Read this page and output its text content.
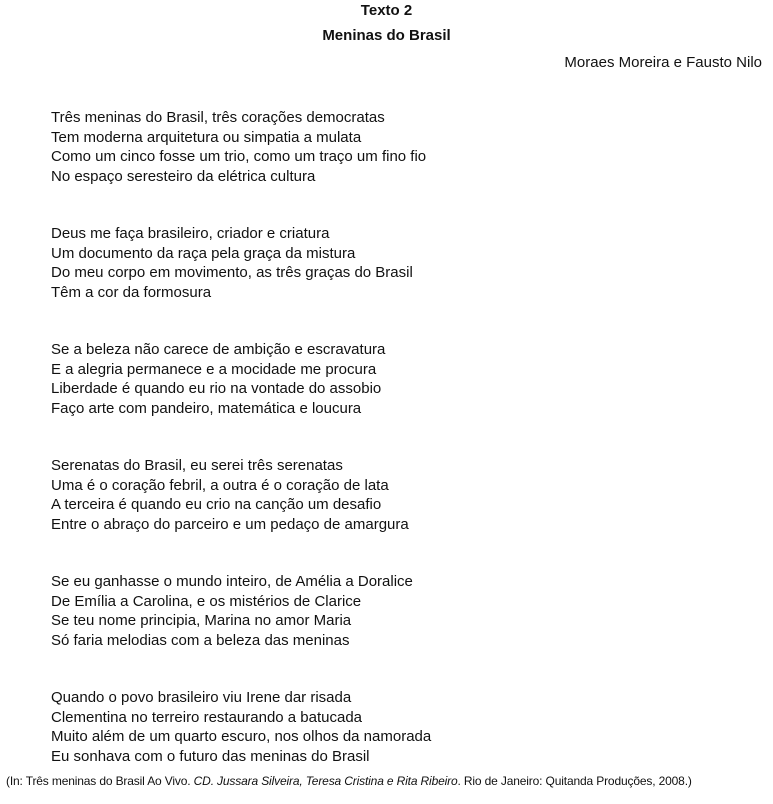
Texto 2

Meninas do Brasil

Moraes Moreira e Fausto Nilo

Três meninas do Brasil, três corações democratas
Tem moderna arquitetura ou simpatia a mulata
Como um cinco fosse um trio, como um traço um fino fio
No espaço seresteiro da elétrica cultura
Deus me faça brasileiro, criador e criatura
Um documento da raça pela graça da mistura
Do meu corpo em movimento, as três graças do Brasil
Têm a cor da formosura
Se a beleza não carece de ambição e escravatura
E a alegria permanece e a mocidade me procura
Liberdade é quando eu rio na vontade do assobio
Faço arte com pandeiro, matemática e loucura
Serenatas do Brasil, eu serei três serenatas
Uma é o coração febril, a outra é o coração de lata
A terceira é quando eu crio na canção um desafio
Entre o abraço do parceiro e um pedaço de amargura
Se eu ganhasse o mundo inteiro, de Amélia a Doralice
De Emília a Carolina, e os mistérios de Clarice
Se teu nome principia, Marina no amor Maria
Só faria melodias com a beleza das meninas
Quando o povo brasileiro viu Irene dar risada
Clementina no terreiro restaurando a batucada
Muito além de um quarto escuro, nos olhos da namorada
Eu sonhava com o futuro das meninas do Brasil

(In: Três meninas do Brasil Ao Vivo. CD. Jussara Silveira, Teresa Cristina e Rita Ribeiro. Rio de Janeiro: Quitanda Produções, 2008.)
